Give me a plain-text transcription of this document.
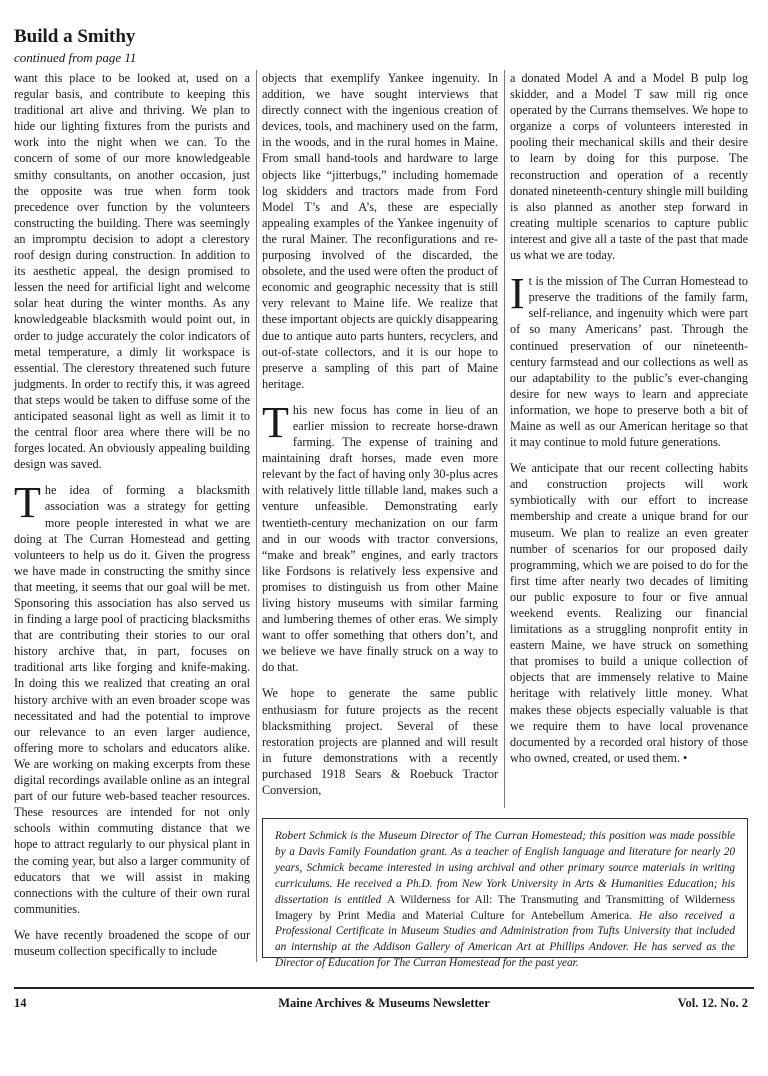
Build a Smithy
continued from page 11

want this place to be looked at, used on a regular basis, and contribute to keeping this traditional art alive and thriving. We plan to hide our lighting fixtures from the purists and work into the night when we can. To the concern of some of our more knowledgeable smithy consultants, on another occasion, just the opposite was true when form took precedence over function by the volunteers constructing the building. There was seemingly an impromptu decision to adopt a clerestory roof design during construction. In addition to its aesthetic appeal, the design promised to lessen the need for artificial light and welcome solar heat during the winter months. As any knowledgeable blacksmith would point out, in order to judge accurately the color indicators of metal temperature, a dimly lit workspace is essential. The clerestory threatened such future judgments. In order to rectify this, it was agreed that steps would be taken to diffuse some of the anticipated seasonal light as well as limit it to the central floor area where there will be no forges located. An obviously appealing building design was saved.

The idea of forming a blacksmith association was a strategy for getting more people interested in what we are doing at The Curran Homestead and getting volunteers to help us do it. Given the progress we have made in constructing the smithy since that meeting, it seems that our goal will be met. Sponsoring this association has also served us in finding a large pool of practicing blacksmiths that are contributing their stories to our oral history archive that, in part, focuses on traditional arts like forging and knife-making. In doing this we realized that creating an oral history archive with an even broader scope was necessitated and had the potential to improve our relevance to an even larger audience, offering more to scholars and educators alike. We are working on making excerpts from these digital recordings available online as an integral part of our future web-based teacher resources. These resources are intended for not only schools within commuting distance that we hope to attract regularly to our physical plant in the coming year, but also a larger community of educators that we will assist in making connections with the culture of their own rural communities.

We have recently broadened the scope of our museum collection specifically to include

objects that exemplify Yankee ingenuity. In addition, we have sought interviews that directly connect with the ingenious creation of devices, tools, and machinery used on the farm, in the woods, and in the rural homes in Maine. From small hand-tools and hardware to large objects like “jitterbugs,” including homemade log skidders and tractors made from Ford Model T’s and A’s, these are especially appealing examples of the Yankee ingenuity of the rural Mainer. The reconfigurations and re-purposing involved of the discarded, the obsolete, and the used were often the product of economic and geographic necessity that is still very relevant to Maine life. We realize that these important objects are quickly disappearing due to antique auto parts hunters, recyclers, and out-of-state collectors, and it is our hope to preserve a sampling of this part of Maine heritage.

This new focus has come in lieu of an earlier mission to recreate horse-drawn farming. The expense of training and maintaining draft horses, made even more relevant by the fact of having only 30-plus acres with relatively little tillable land, makes such a venture unfeasible. Demonstrating early twentieth-century mechanization on our farm and in our woods with tractor conversions, “make and break” engines, and early tractors like Fordsons is relatively less expensive and promises to distinguish us from other Maine living history museums with similar farming and lumbering themes of other eras. We simply want to offer something that others don’t, and we believe we have finally struck on a way to do that.

We hope to generate the same public enthusiasm for future projects as the recent blacksmithing project. Several of these restoration projects are planned and will result in future demonstrations with a recently purchased 1918 Sears & Roebuck Tractor Conversion,

a donated Model A and a Model B pulp log skidder, and a Model T saw mill rig once operated by the Currans themselves. We hope to organize a corps of volunteers interested in pooling their mechanical skills and their desire to learn by doing for this purpose. The reconstruction and operation of a recently donated nineteenth-century shingle mill building is also planned as another step forward in creating multiple scenarios to capture public interest and give all a taste of the past that made us what we are today.

It is the mission of The Curran Homestead to preserve the traditions of the family farm, self-reliance, and ingenuity which were part of so many Americans’ past. Through the continued preservation of our nineteenth-century farmstead and our collections as well as our adaptability to the public’s ever-changing desire for new ways to learn and appreciate information, we hope to preserve both a bit of Maine as well as our American heritage so that it may continue to mold future generations.

We anticipate that our recent collecting habits and construction projects will work symbiotically with our effort to increase membership and create a unique brand for our museum. We plan to realize an even greater number of scenarios for our proposed daily programming, which we are poised to do for the first time after nearly two decades of limiting our public exposure to four or five annual weekend events. Realizing our financial limitations as a struggling nonprofit entity in eastern Maine, we have struck on something that promises to build a unique collection of objects that are immensely relative to Maine heritage with relatively little money. What makes these objects especially valuable is that we require them to have local provenance documented by a recorded oral history of those who owned, created, or used them. •

Robert Schmick is the Museum Director of The Curran Homestead; this position was made possible by a Davis Family Foundation grant. As a teacher of English language and literature for nearly 20 years, Schmick became interested in using archival and other primary source materials in writing curriculums. He received a Ph.D. from New York University in Arts & Humanities Education; his dissertation is entitled A Wilderness for All: The Transmuting and Transmitting of Wilderness Imagery by Print Media and Material Culture for Antebellum America. He also received a Professional Certificate in Museum Studies and Administration from Tufts University that included an internship at the Addison Gallery of American Art at Phillips Andover. He has served as the Director of Education for The Curran Homestead for the past year.
Maine Archives & Museums Newsletter
14	Vol. 12. No. 2
